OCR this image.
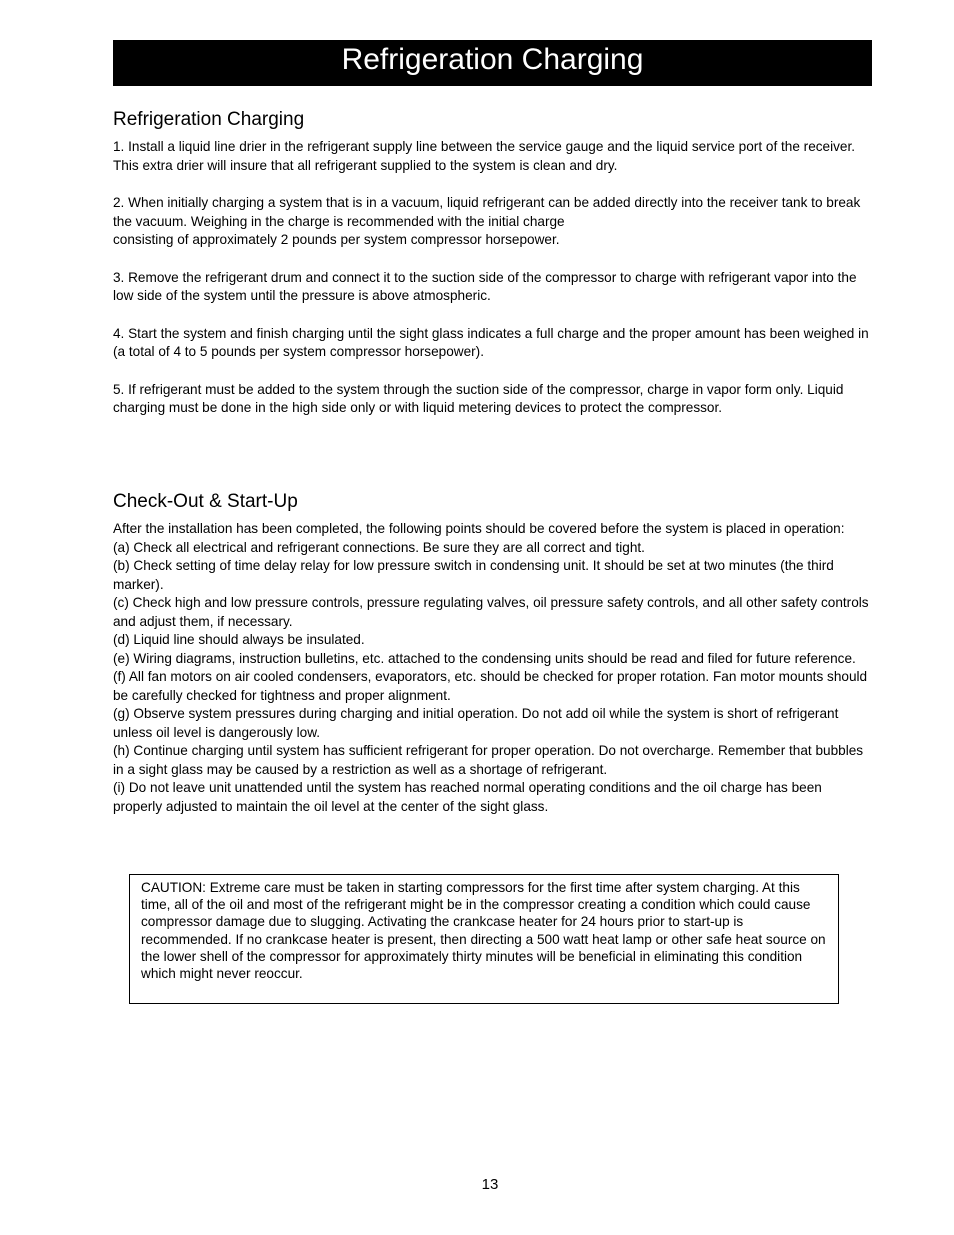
Refrigeration Charging
Refrigeration Charging

1. Install a liquid line drier in the refrigerant supply line between the service gauge and the liquid service port of the receiver. This extra drier will insure that all refrigerant supplied to the system is clean and dry.

2. When initially charging a system that is in a vacuum, liquid refrigerant can be added directly into the receiver tank to break the vacuum. Weighing in the charge is recommended with the initial charge
consisting of approximately 2 pounds per system compressor horsepower.

3. Remove the refrigerant drum and connect it to the suction side of the compressor to charge with refrigerant vapor into the low side of the system until the pressure is above atmospheric.

4. Start the system and finish charging until the sight glass indicates a full charge and the proper amount has been weighed in (a total of 4 to 5 pounds per system compressor horsepower).

5. If refrigerant must be added to the system through the suction side of the compressor, charge in vapor form only. Liquid charging must be done in the high side only or with liquid metering devices to protect the compressor.

Check-Out & Start-Up

After the installation has been completed, the following points should be covered before the system is placed in operation:

(a) Check all electrical and refrigerant connections. Be sure they are all correct and tight.

(b) Check setting of time delay relay for low pressure switch in condensing unit. It should be set at two minutes (the third marker).

(c) Check high and low pressure controls, pressure regulating valves, oil pressure safety controls, and all other safety controls and adjust them, if necessary.

(d) Liquid line should always be insulated.

(e) Wiring diagrams, instruction bulletins, etc. attached to the condensing units should be read and filed for future reference.

(f) All fan motors on air cooled condensers, evaporators, etc. should be checked for proper rotation. Fan motor mounts should be carefully checked for tightness and proper alignment.

(g) Observe system pressures during charging and initial operation. Do not add oil while the system is short of refrigerant unless oil level is dangerously low.

(h) Continue charging until system has sufficient refrigerant for proper operation. Do not overcharge. Remember that bubbles in a sight glass may be caused by a restriction as well as a shortage of refrigerant.

(i) Do not leave unit unattended until the system has reached normal operating conditions and the oil charge has been properly adjusted to maintain the oil level at the center of the sight glass.

CAUTION: Extreme care must be taken in starting compressors for the first time after system charging. At this time, all of the oil and most of the refrigerant might be in the compressor creating a condition which could cause compressor damage due to slugging. Activating the crankcase heater for 24 hours prior to start-up is recommended. If no crankcase heater is present, then directing a 500 watt heat lamp or other safe heat source on the lower shell of the compressor for approximately thirty minutes will be beneficial in eliminating this condition which might never reoccur.
13
